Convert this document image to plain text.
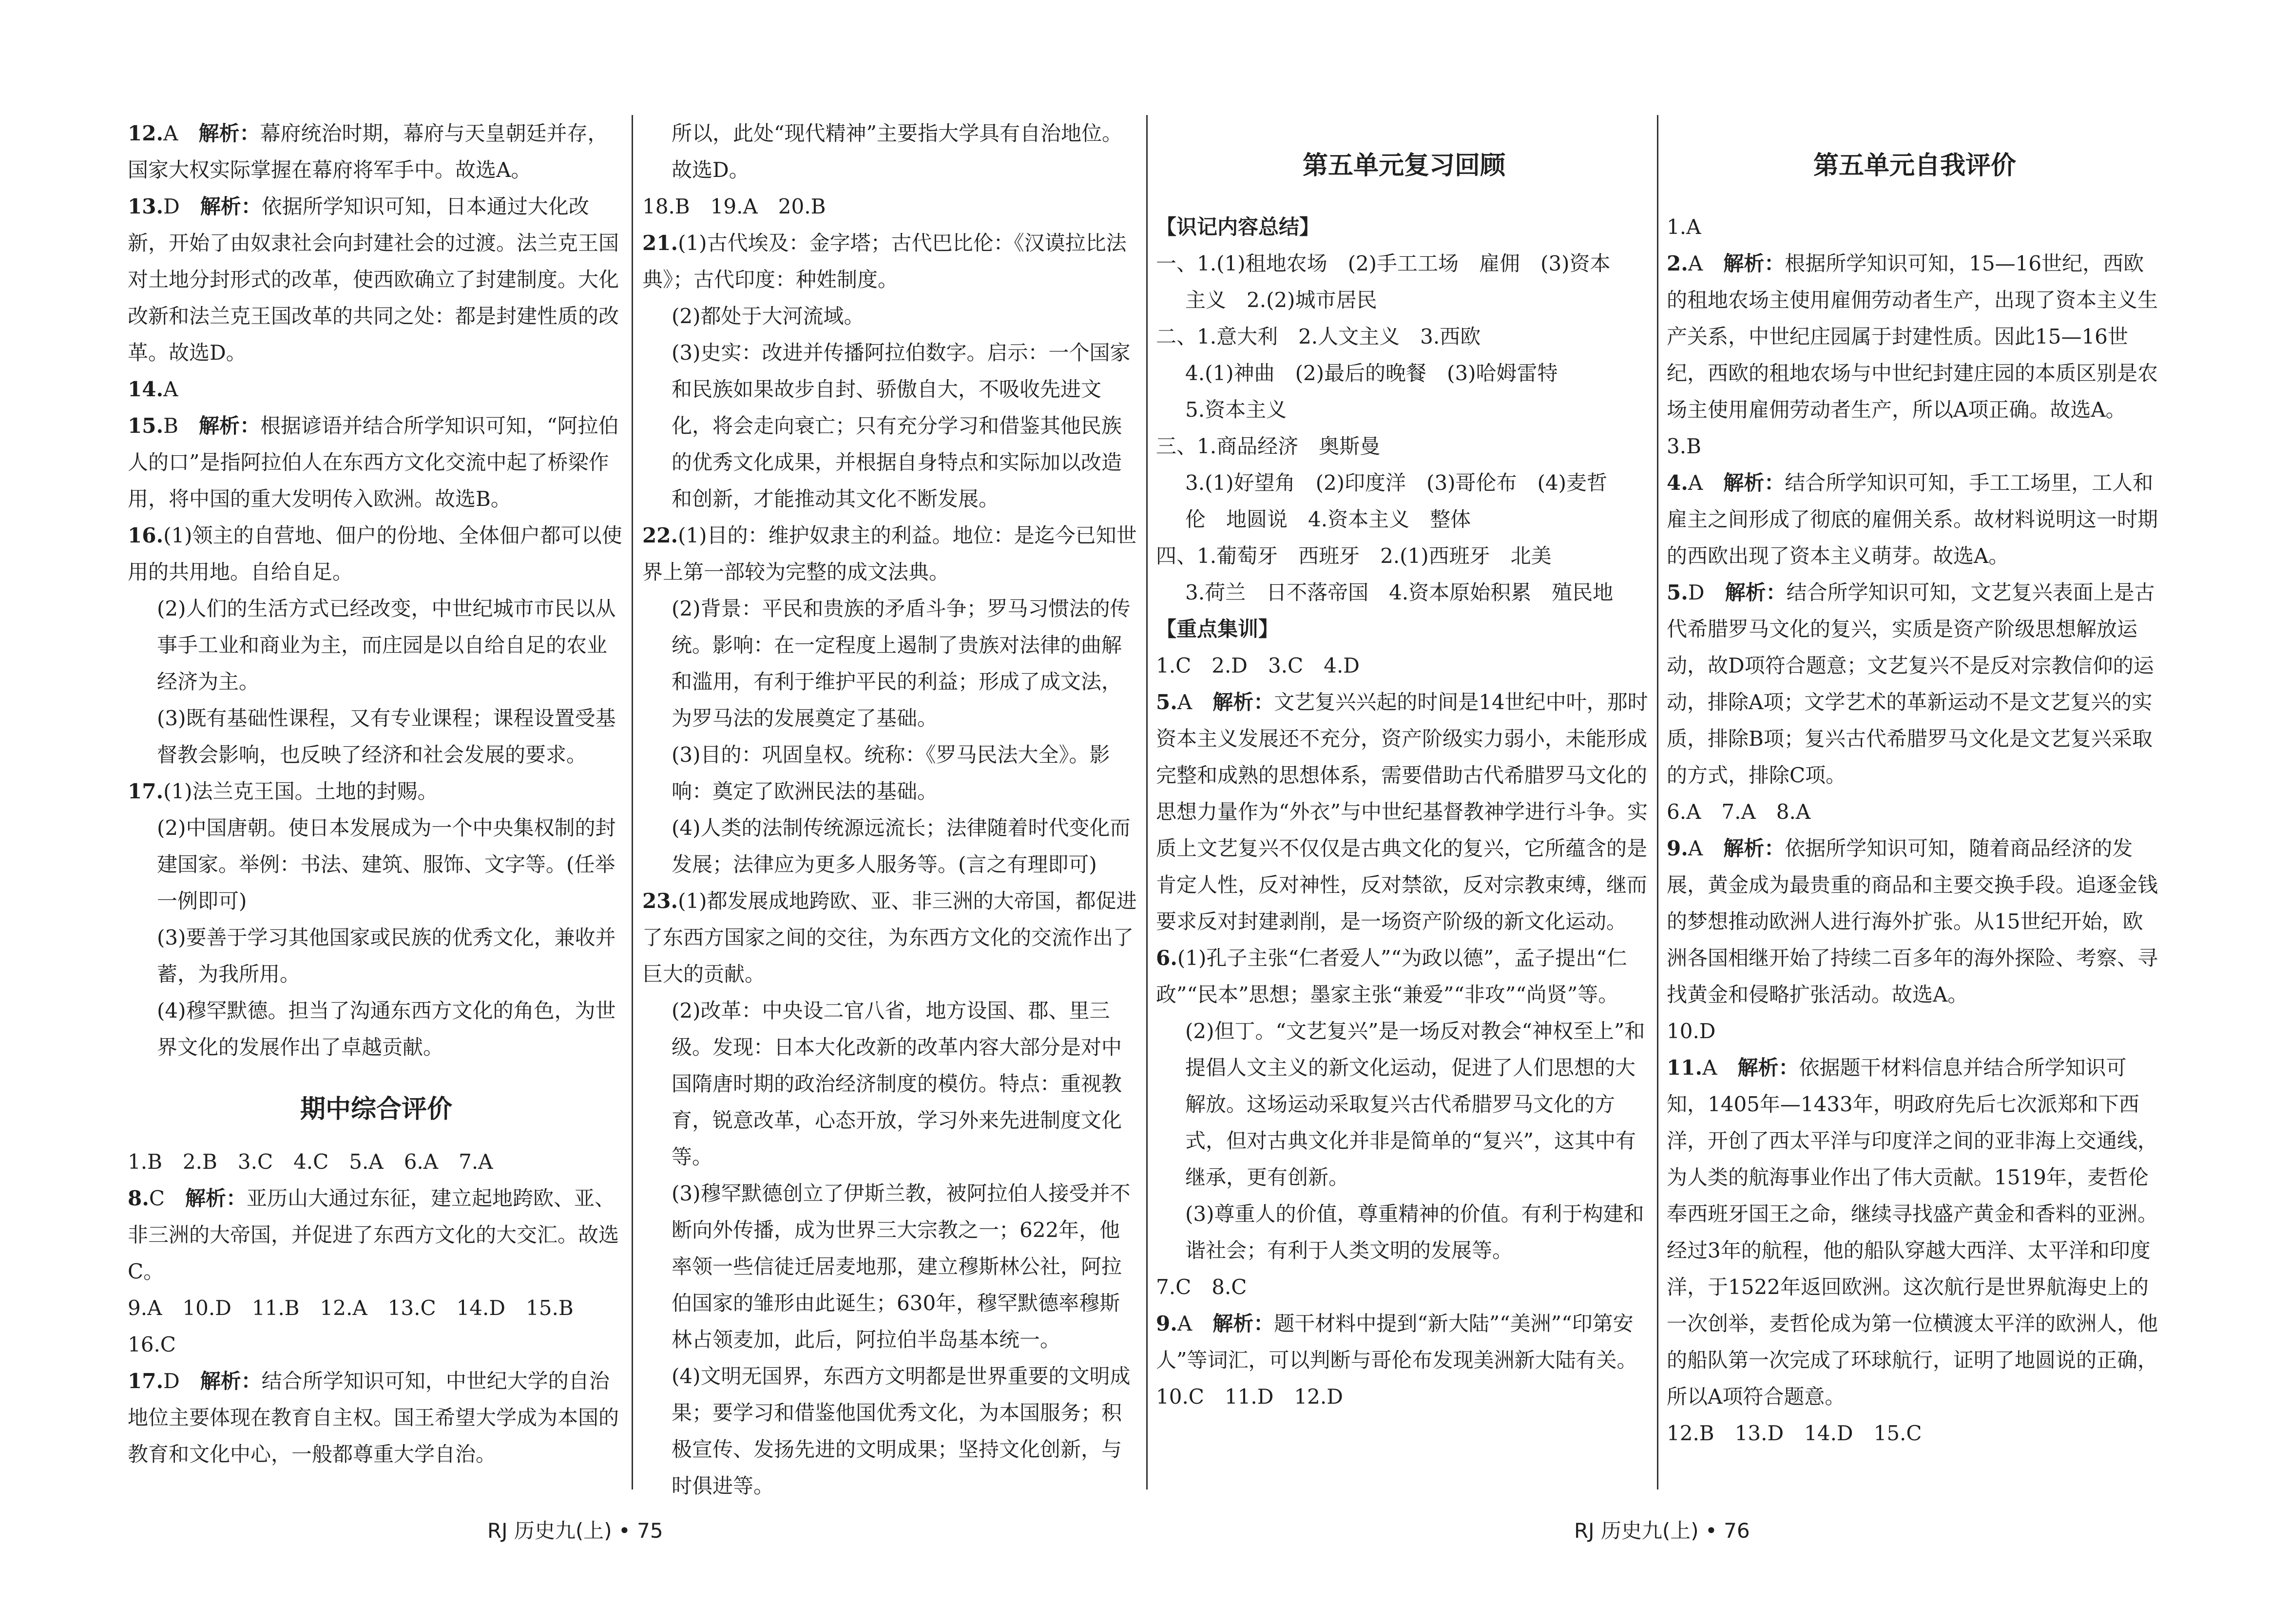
12.A　 解析：幕府统治时期，幕府与天皇朝廷并存，国家大权实际掌握在幕府将军手中。故选A。

13.D　 解析：依据所学知识可知，日本通过大化改新，开始了由奴隶社会向封建社会的过渡。法兰克王国对土地分封形式的改革，使西欧确立了封建制度。大化改新和法兰克王国改革的共同之处：都是封建性质的改革。故选D。

14.A

15.B　 解析：根据谚语并结合所学知识可知，“阿拉伯人的口”是指阿拉伯人在东西方文化交流中起了桥梁作用，将中国的重大发明传入欧洲。故选B。

16.(1)领主的自营地、佃户的份地、全体佃户都可以使用的共用地。自给自足。

(2)人们的生活方式已经改变，中世纪城市市民以从事手工业和商业为主，而庄园是以自给自足的农业经济为主。

(3)既有基础性课程，又有专业课程；课程设置受基督教会影响，也反映了经济和社会发展的要求。

17.(1)法兰克王国。土地的封赐。

(2)中国唐朝。使日本发展成为一个中央集权制的封建国家。举例：书法、建筑、服饰、文字等。(任举一例即可)

(3)要善于学习其他国家或民族的优秀文化，兼收并蓄，为我所用。

(4)穆罕默德。担当了沟通东西方文化的角色，为世界文化的发展作出了卓越贡献。

期中综合评价

1.B　2.B　3.C　4.C　5.A　6.A　7.A

8.C　 解析：亚历山大通过东征，建立起地跨欧、亚、非三洲的大帝国，并促进了东西方文化的大交汇。故选C。

9.A　10.D　11.B　12.A　13.C　14.D　15.B

16.C

17.D　 解析：结合所学知识可知，中世纪大学的自治地位主要体现在教育自主权。国王希望大学成为本国的教育和文化中心，一般都尊重大学自治。

所以，此处“现代精神”主要指大学具有自治地位。故选D。

18.B　19.A　20.B

21.(1)古代埃及：金字塔；古代巴比伦：《汉谟拉比法典》；古代印度：种姓制度。

(2)都处于大河流域。

(3)史实：改进并传播阿拉伯数字。启示：一个国家和民族如果故步自封、骄傲自大，不吸收先进文化，将会走向衰亡；只有充分学习和借鉴其他民族的优秀文化成果，并根据自身特点和实际加以改造和创新，才能推动其文化不断发展。

22.(1)目的：维护奴隶主的利益。地位：是迄今已知世界上第一部较为完整的成文法典。

(2)背景：平民和贵族的矛盾斗争；罗马习惯法的传统。影响：在一定程度上遏制了贵族对法律的曲解和滥用，有利于维护平民的利益；形成了成文法，为罗马法的发展奠定了基础。

(3)目的：巩固皇权。统称：《罗马民法大全》。影响：奠定了欧洲民法的基础。

(4)人类的法制传统源远流长；法律随着时代变化而发展；法律应为更多人服务等。(言之有理即可)

23.(1)都发展成地跨欧、亚、非三洲的大帝国，都促进了东西方国家之间的交往，为东西方文化的交流作出了巨大的贡献。

(2)改革：中央设二官八省，地方设国、郡、里三级。发现：日本大化改新的改革内容大部分是对中国隋唐时期的政治经济制度的模仿。特点：重视教育，锐意改革，心态开放，学习外来先进制度文化等。

(3)穆罕默德创立了伊斯兰教，被阿拉伯人接受并不断向外传播，成为世界三大宗教之一；622年，他率领一些信徒迁居麦地那，建立穆斯林公社，阿拉伯国家的雏形由此诞生；630年，穆罕默德率穆斯林占领麦加，此后，阿拉伯半岛基本统一。

(4)文明无国界，东西方文明都是世界重要的文明成果；要学习和借鉴他国优秀文化，为本国服务；积极宣传、发扬先进的文明成果；坚持文化创新，与时俱进等。

第五单元复习回顾

【识记内容总结】

一、1.(1)租地农场　(2)手工工场　雇佣　(3)资本

主义　2.(2)城市居民

二、1.意大利　2.人文主义　3.西欧

4.(1)神曲　(2)最后的晚餐　(3)哈姆雷特

5.资本主义

三、1.商品经济　奥斯曼

3.(1)好望角　(2)印度洋　(3)哥伦布　(4)麦哲

伦　地圆说　4.资本主义　整体

四、1.葡萄牙　西班牙　2.(1)西班牙　北美

3.荷兰　日不落帝国　4.资本原始积累　殖民地

【重点集训】

1.C　2.D　3.C　4.D

5.A　 解析：文艺复兴兴起的时间是14世纪中叶，那时资本主义发展还不充分，资产阶级实力弱小，未能形成完整和成熟的思想体系，需要借助古代希腊罗马文化的思想力量作为“外衣”与中世纪基督教神学进行斗争。实质上文艺复兴不仅仅是古典文化的复兴，它所蕴含的是肯定人性，反对神性，反对禁欲，反对宗教束缚，继而要求反对封建剥削，是一场资产阶级的新文化运动。

6.(1)孔子主张“仁者爱人”“为政以德”，孟子提出“仁政”“民本”思想；墨家主张“兼爱”“非攻”“尚贤”等。

(2)但丁。“文艺复兴”是一场反对教会“神权至上”和提倡人文主义的新文化运动，促进了人们思想的大解放。这场运动采取复兴古代希腊罗马文化的方式，但对古典文化并非是简单的“复兴”，这其中有继承，更有创新。

(3)尊重人的价值，尊重精神的价值。有利于构建和谐社会；有利于人类文明的发展等。

7.C　8.C

9.A　 解析：题干材料中提到“新大陆”“美洲”“印第安人”等词汇，可以判断与哥伦布发现美洲新大陆有关。

10.C　11.D　12.D

第五单元自我评价

1.A

2.A　 解析：根据所学知识可知，15—16世纪，西欧的租地农场主使用雇佣劳动者生产，出现了资本主义生产关系，中世纪庄园属于封建性质。因此15—16世纪，西欧的租地农场与中世纪封建庄园的本质区别是农场主使用雇佣劳动者生产，所以A项正确。故选A。

3.B

4.A　 解析：结合所学知识可知，手工工场里，工人和雇主之间形成了彻底的雇佣关系。故材料说明这一时期的西欧出现了资本主义萌芽。故选A。

5.D　 解析：结合所学知识可知，文艺复兴表面上是古代希腊罗马文化的复兴，实质是资产阶级思想解放运动，故D项符合题意；文艺复兴不是反对宗教信仰的运动，排除A项；文学艺术的革新运动不是文艺复兴的实质，排除B项；复兴古代希腊罗马文化是文艺复兴采取的方式，排除C项。

6.A　7.A　8.A

9.A　 解析：依据所学知识可知，随着商品经济的发展，黄金成为最贵重的商品和主要交换手段。追逐金钱的梦想推动欧洲人进行海外扩张。从15世纪开始，欧洲各国相继开始了持续二百多年的海外探险、考察、寻找黄金和侵略扩张活动。故选A。

10.D

11.A　 解析：依据题干材料信息并结合所学知识可知，1405年—1433年，明政府先后七次派郑和下西洋，开创了西太平洋与印度洋之间的亚非海上交通线，为人类的航海事业作出了伟大贡献。1519年，麦哲伦奉西班牙国王之命，继续寻找盛产黄金和香料的亚洲。经过3年的航程，他的船队穿越大西洋、太平洋和印度洋，于1522年返回欧洲。这次航行是世界航海史上的一次创举，麦哲伦成为第一位横渡太平洋的欧洲人，他的船队第一次完成了环球航行，证明了地圆说的正确，所以A项符合题意。

12.B　13.D　14.D　15.C

RJ 历史九(上) • 75	RJ 历史九(上) • 76
